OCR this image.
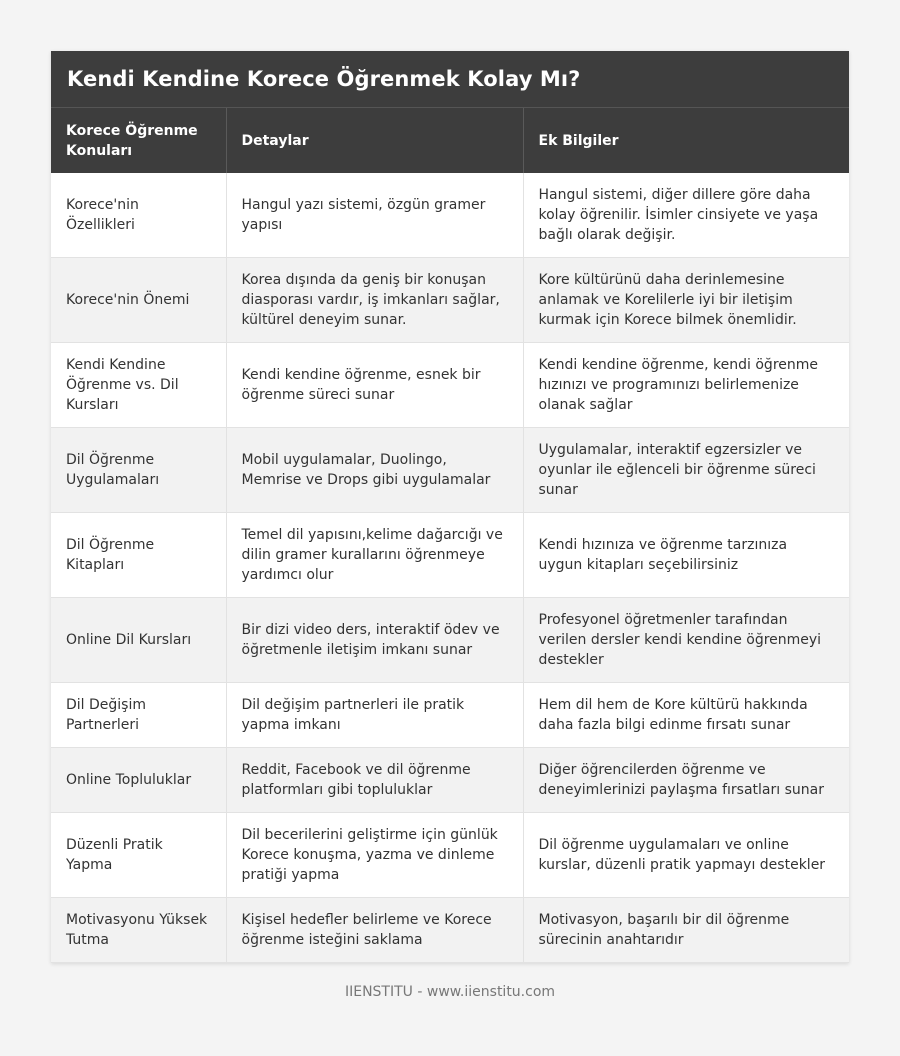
Kendi Kendine Korece Öğrenmek Kolay Mı?
Korece Öğrenme Konuları	Detaylar	Ek Bilgiler
Korece'nin Özellikleri	Hangul yazı sistemi, özgün gramer yapısı	Hangul sistemi, diğer dillere göre daha kolay öğrenilir. İsimler cinsiyete ve yaşa bağlı olarak değişir.
Korece'nin Önemi	Korea dışında da geniş bir konuşan diasporası vardır, iş imkanları sağlar, kültürel deneyim sunar.	Kore kültürünü daha derinlemesine anlamak ve Korelilerle iyi bir iletişim kurmak için Korece bilmek önemlidir.
Kendi Kendine Öğrenme vs. Dil Kursları	Kendi kendine öğrenme, esnek bir öğrenme süreci sunar	Kendi kendine öğrenme, kendi öğrenme hızınızı ve programınızı belirlemenize olanak sağlar
Dil Öğrenme Uygulamaları	Mobil uygulamalar, Duolingo, Memrise ve Drops gibi uygulamalar	Uygulamalar, interaktif egzersizler ve oyunlar ile eğlenceli bir öğrenme süreci sunar
Dil Öğrenme Kitapları	Temel dil yapısını,kelime dağarcığı ve dilin gramer kurallarını öğrenmeye yardımcı olur	Kendi hızınıza ve öğrenme tarzınıza uygun kitapları seçebilirsiniz
Online Dil Kursları	Bir dizi video ders, interaktif ödev ve öğretmenle iletişim imkanı sunar	Profesyonel öğretmenler tarafından verilen dersler kendi kendine öğrenmeyi destekler
Dil Değişim Partnerleri	Dil değişim partnerleri ile pratik yapma imkanı	Hem dil hem de Kore kültürü hakkında daha fazla bilgi edinme fırsatı sunar
Online Topluluklar	Reddit, Facebook ve dil öğrenme platformları gibi topluluklar	Diğer öğrencilerden öğrenme ve deneyimlerinizi paylaşma fırsatları sunar
Düzenli Pratik Yapma	Dil becerilerini geliştirme için günlük Korece konuşma, yazma ve dinleme pratiği yapma	Dil öğrenme uygulamaları ve online kurslar, düzenli pratik yapmayı destekler
Motivasyonu Yüksek Tutma	Kişisel hedefler belirleme ve Korece öğrenme isteğini saklama	Motivasyon, başarılı bir dil öğrenme sürecinin anahtarıdır
IIENSTITU - www.iienstitu.com
